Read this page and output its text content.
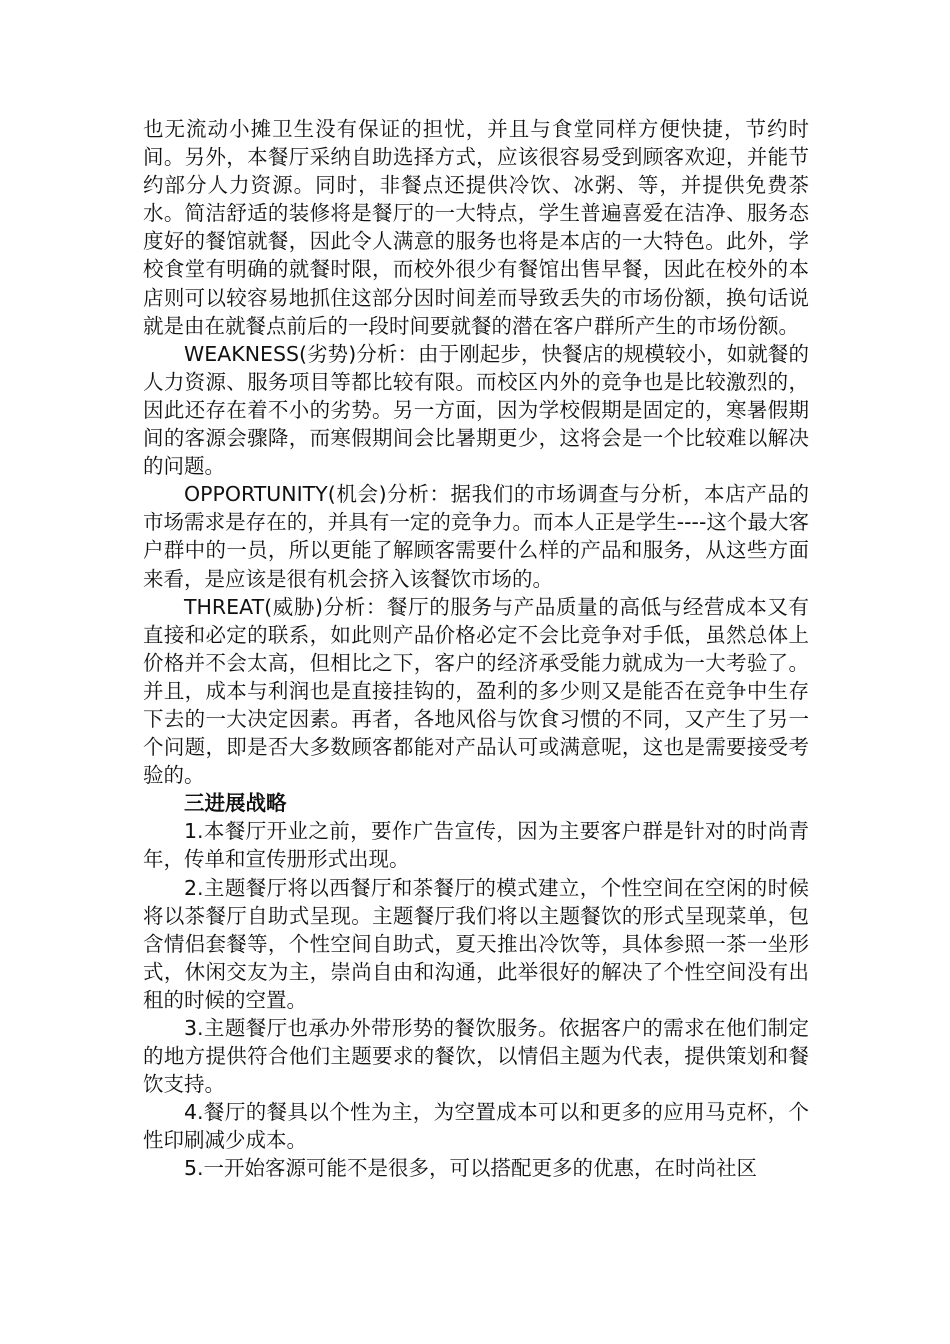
也无流动小摊卫生没有保证的担忧，并且与食堂同样方便快捷，节约时间。另外，本餐厅采纳自助选择方式，应该很容易受到顾客欢迎，并能节约部分人力资源。同时，非餐点还提供冷饮、冰粥、等，并提供免费茶水。简洁舒适的装修将是餐厅的一大特点，学生普遍喜爱在洁净、服务态度好的餐馆就餐，因此令人满意的服务也将是本店的一大特色。此外，学校食堂有明确的就餐时限，而校外很少有餐馆出售早餐，因此在校外的本店则可以较容易地抓住这部分因时间差而导致丢失的市场份额，换句话说就是由在就餐点前后的一段时间要就餐的潜在客户群所产生的市场份额。

WEAKNESS(劣势)分析：由于刚起步，快餐店的规模较小，如就餐的人力资源、服务项目等都比较有限。而校区内外的竞争也是比较激烈的，因此还存在着不小的劣势。另一方面，因为学校假期是固定的，寒暑假期间的客源会骤降，而寒假期间会比暑期更少，这将会是一个比较难以解决的问题。

OPPORTUNITY(机会)分析：据我们的市场调查与分析，本店产品的市场需求是存在的，并具有一定的竞争力。而本人正是学生----这个最大客户群中的一员，所以更能了解顾客需要什么样的产品和服务，从这些方面来看，是应该是很有机会挤入该餐饮市场的。

THREAT(威胁)分析：餐厅的服务与产品质量的高低与经营成本又有直接和必定的联系，如此则产品价格必定不会比竞争对手低，虽然总体上价格并不会太高，但相比之下，客户的经济承受能力就成为一大考验了。并且，成本与利润也是直接挂钩的，盈利的多少则又是能否在竞争中生存下去的一大决定因素。再者，各地风俗与饮食习惯的不同，又产生了另一个问题，即是否大多数顾客都能对产品认可或满意呢，这也是需要接受考验的。

三进展战略

1.本餐厅开业之前，要作广告宣传，因为主要客户群是针对的时尚青年，传单和宣传册形式出现。

2.主题餐厅将以西餐厅和茶餐厅的模式建立，个性空间在空闲的时候将以茶餐厅自助式呈现。主题餐厅我们将以主题餐饮的形式呈现菜单，包含情侣套餐等，个性空间自助式，夏天推出冷饮等，具体参照一茶一坐形式，休闲交友为主，崇尚自由和沟通，此举很好的解决了个性空间没有出租的时候的空置。

3.主题餐厅也承办外带形势的餐饮服务。依据客户的需求在他们制定的地方提供符合他们主题要求的餐饮，以情侣主题为代表，提供策划和餐饮支持。

4.餐厅的餐具以个性为主，为空置成本可以和更多的应用马克杯，个性印刷减少成本。

5.一开始客源可能不是很多，可以搭配更多的优惠，在时尚社区
